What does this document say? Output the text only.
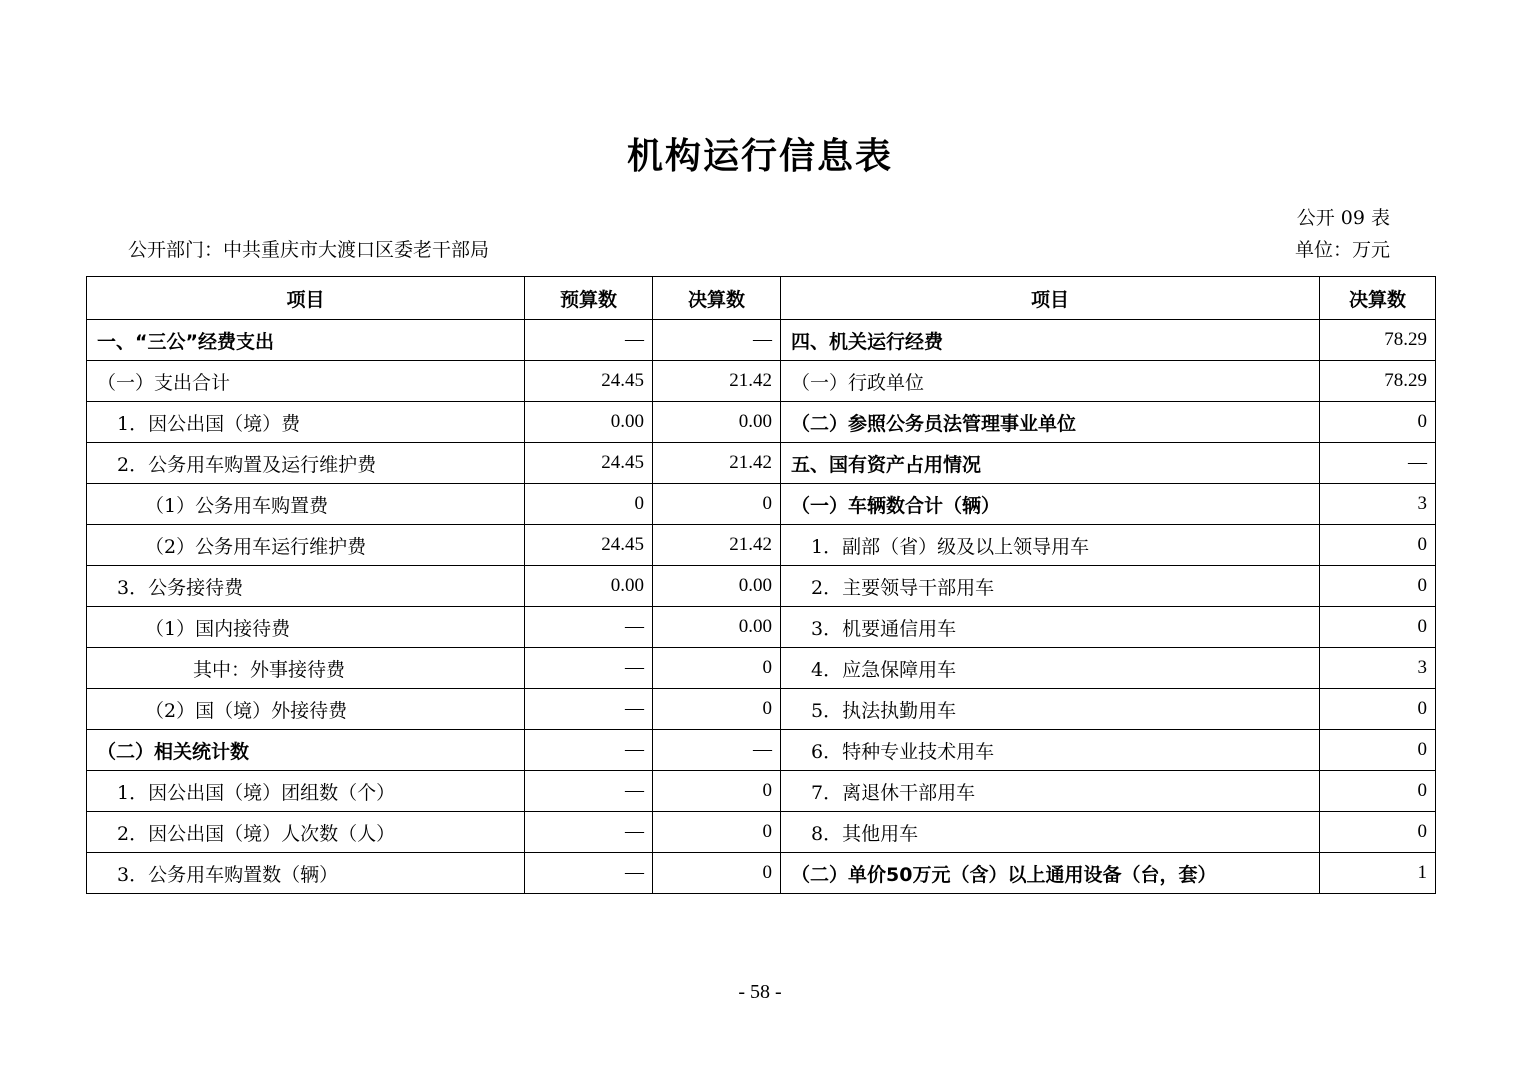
机构运行信息表
公开 09 表
公开部门：中共重庆市大渡口区委老干部局	单位：万元
项目	预算数	决算数	项目	决算数
一、“三公”经费支出	—	—	四、机关运行经费	78.29
（一）支出合计	24.45	21.42	（一）行政单位	78.29
1．因公出国（境）费	0.00	0.00	（二）参照公务员法管理事业单位	0
2．公务用车购置及运行维护费	24.45	21.42	五、国有资产占用情况	—
（1）公务用车购置费	0	0	（一）车辆数合计（辆）	3
（2）公务用车运行维护费	24.45	21.42	1．副部（省）级及以上领导用车	0
3．公务接待费	0.00	0.00	2．主要领导干部用车	0
（1）国内接待费	—	0.00	3．机要通信用车	0
其中：外事接待费	—	0	4．应急保障用车	3
（2）国（境）外接待费	—	0	5．执法执勤用车	0
（二）相关统计数	—	—	6．特种专业技术用车	0
1．因公出国（境）团组数（个）	—	0	7．离退休干部用车	0
2．因公出国（境）人次数（人）	—	0	8．其他用车	0
3．公务用车购置数（辆）	—	0	（二）单价50万元（含）以上通用设备（台，套）	1
- 58 -
